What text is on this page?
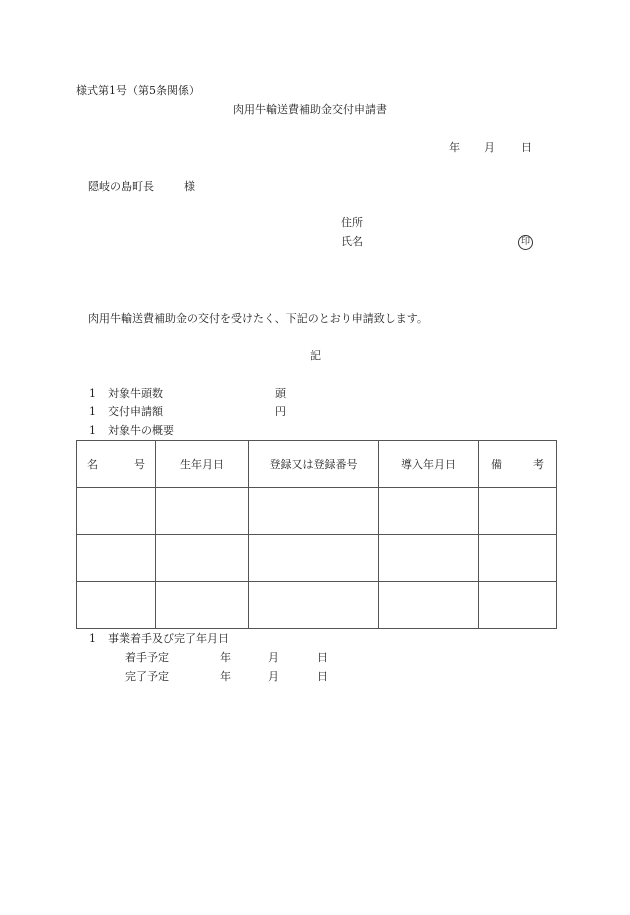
様式第1号（第5条関係）
肉用牛輸送費補助金交付申請書
年 月 日
隠岐の島町長	様
住所
氏名	印
肉用牛輸送費補助金の交付を受けたく、下記のとおり申請致します。
記
1 対象牛頭数	頭
1 交付申請額	円
1 対象牛の概要
名 号	生年月日	登録又は登録番号	導入年月日	備 考

1 事業着手及び完了年月日
着手予定	年	月	日
完了予定	年	月	日
